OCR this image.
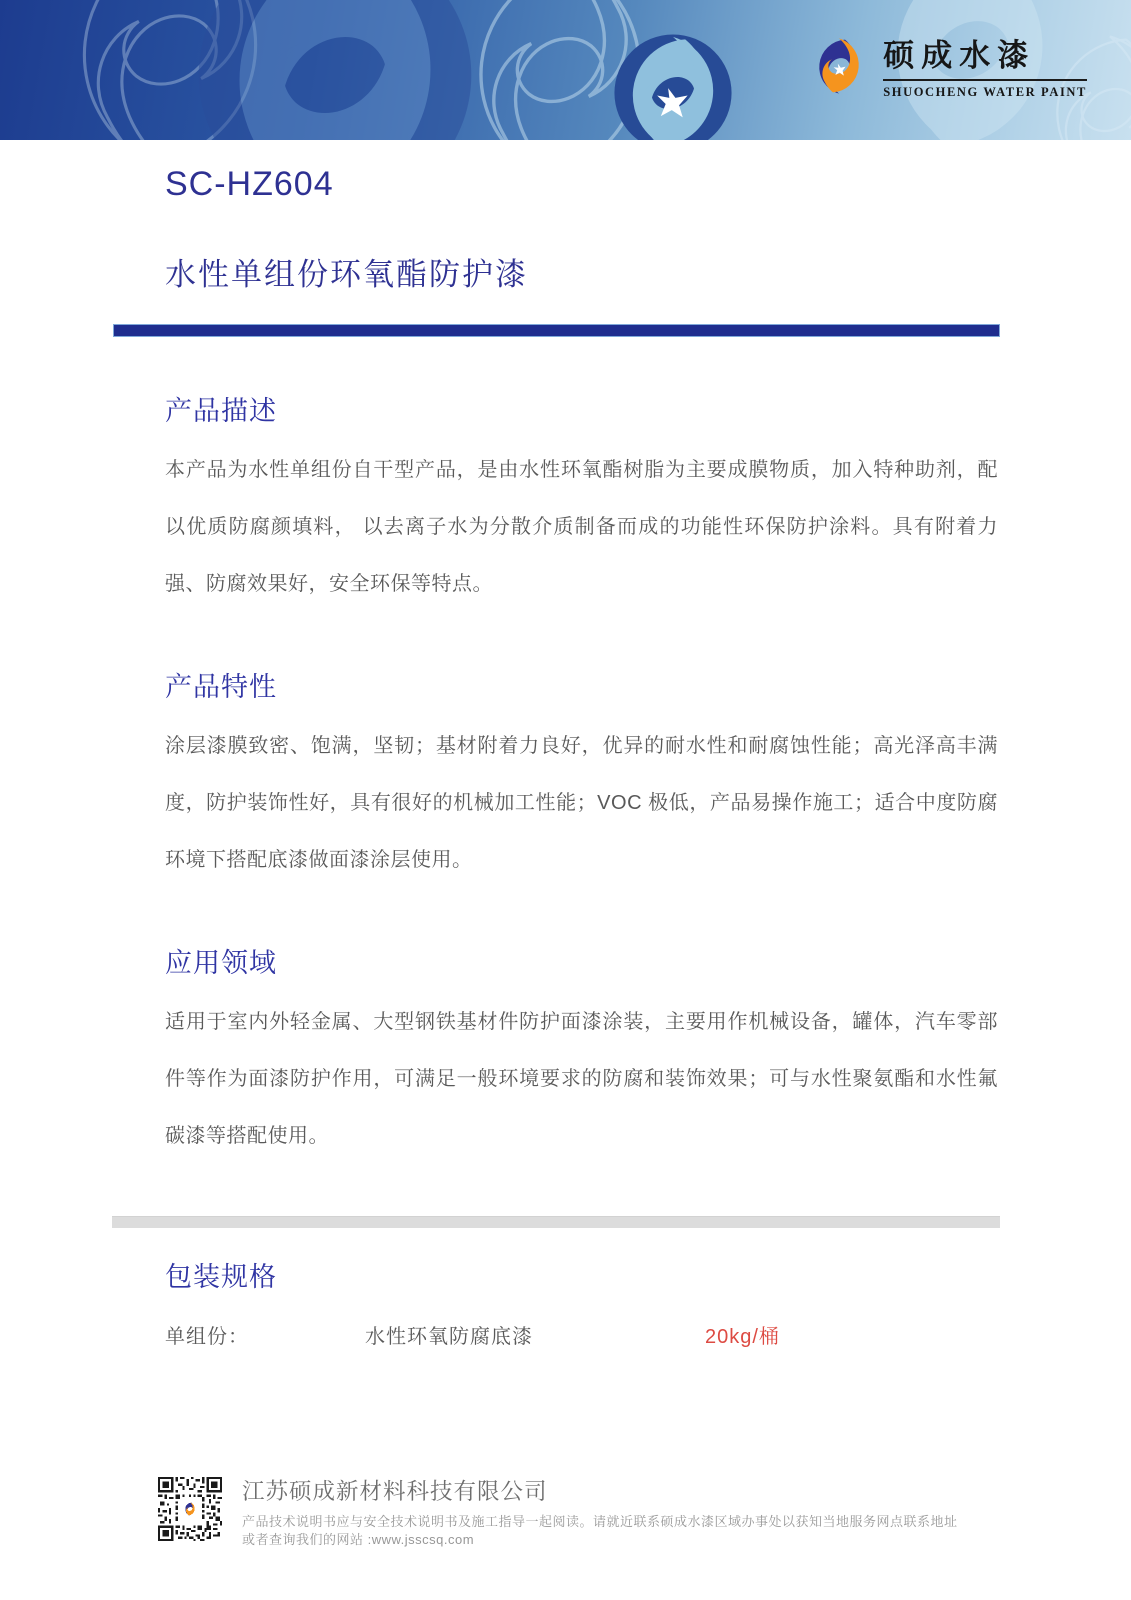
硕成水漆
SHUOCHENG WATER PAINT
SC-HZ604
水性单组份环氧酯防护漆
产品描述

本产品为水性单组份自干型产品，是由水性环氧酯树脂为主要成膜物质，加入特种助剂，配以优质防腐颜填料， 以去离子水为分散介质制备而成的功能性环保防护涂料。具有附着力强、防腐效果好，安全环保等特点。

产品特性

涂层漆膜致密、饱满，坚韧；基材附着力良好，优异的耐水性和耐腐蚀性能；高光泽高丰满度，防护装饰性好，具有很好的机械加工性能；VOC 极低，产品易操作施工；适合中度防腐环境下搭配底漆做面漆涂层使用。

应用领域

适用于室内外轻金属、大型钢铁基材件防护面漆涂装，主要用作机械设备，罐体，汽车零部件等作为面漆防护作用，可满足一般环境要求的防腐和装饰效果；可与水性聚氨酯和水性氟碳漆等搭配使用。

包装规格
单组份：	水性环氧防腐底漆	20kg/桶
江苏硕成新材料科技有限公司
产品技术说明书应与安全技术说明书及施工指导一起阅读。请就近联系硕成水漆区域办事处以获知当地服务网点联系地址
或者查询我们的网站 :www.jsscsq.com
